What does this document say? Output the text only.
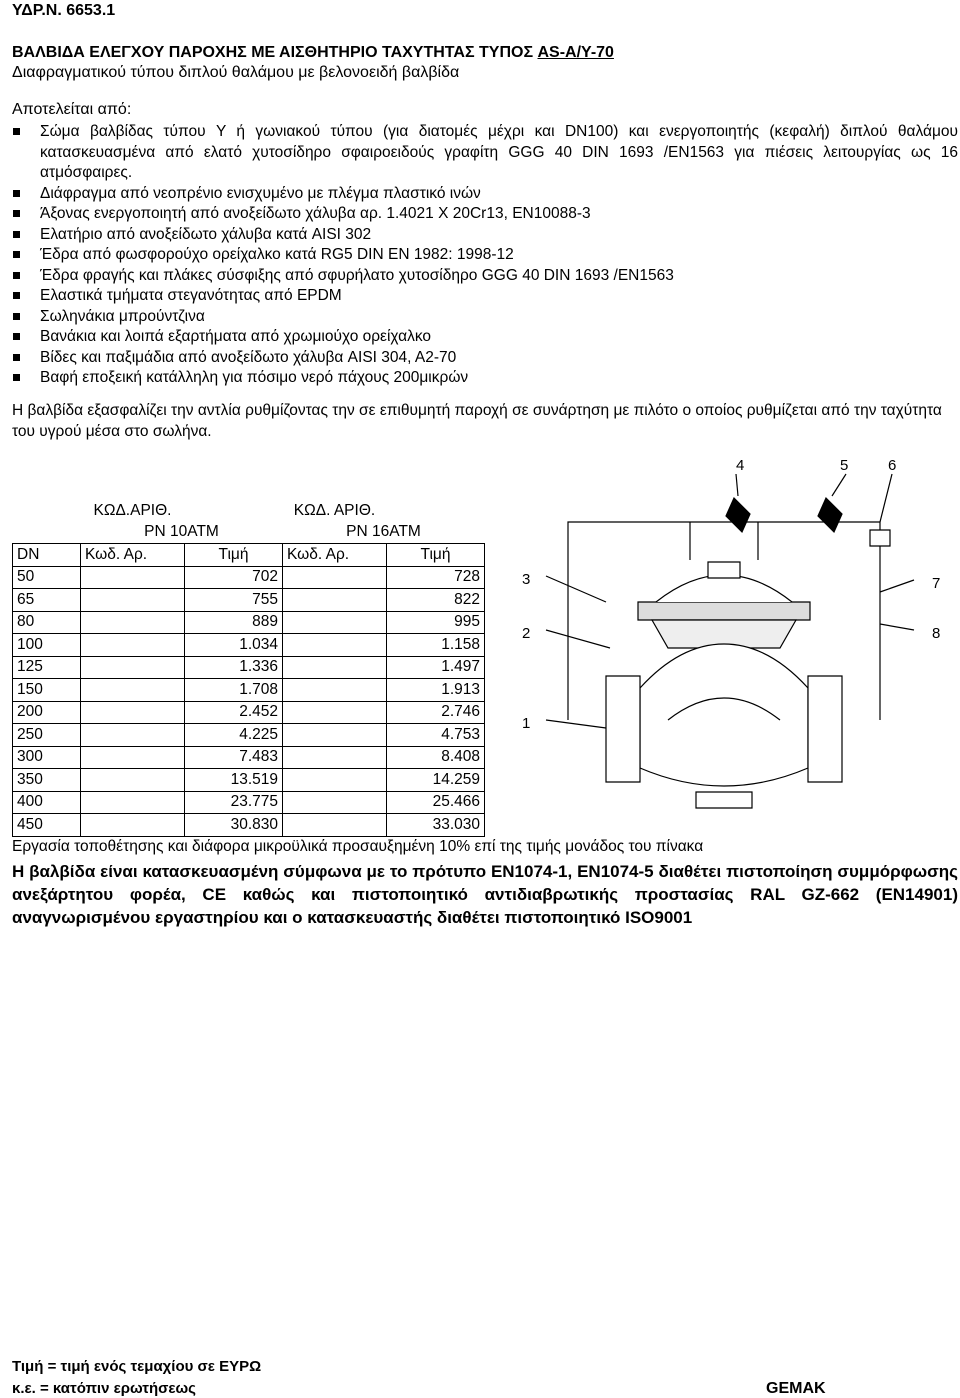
ΥΔΡ.Ν. 6653.1
ΒΑΛΒΙΔΑ ΕΛΕΓΧΟΥ ΠΑΡΟΧΗΣ ΜΕ ΑΙΣΘΗΤΗΡΙΟ ΤΑΧΥΤΗΤΑΣ ΤΥΠΟΣ AS-A/Y-70
Διαφραγματικού τύπου διπλού θαλάμου με βελονοειδή βαλβίδα
Αποτελείται από:
Σώμα βαλβίδας τύπου Y ή γωνιακού τύπου (για διατομές μέχρι και DN100) και ενεργοποιητής (κεφαλή) διπλού θαλάμου κατασκευασμένα από ελατό χυτοσίδηρο σφαιροειδούς γραφίτη GGG 40 DIN 1693 /EN1563 για πιέσεις λειτουργίας ως 16 ατμόσφαιρες.
Διάφραγμα από νεοπρένιο ενισχυμένο με πλέγμα πλαστικό ινών
Άξονας ενεργοποιητή από ανοξείδωτο χάλυβα αρ. 1.4021 X 20Cr13, EN10088-3
Ελατήριο από ανοξείδωτο χάλυβα κατά AISI 302
Έδρα από φωσφορούχο ορείχαλκο κατά RG5 DIN EN 1982: 1998-12
Έδρα φραγής και πλάκες σύσφιξης από σφυρήλατο χυτοσίδηρο GGG 40 DIN 1693 /EN1563
Ελαστικά τμήματα στεγανότητας από EPDM
Σωληνάκια μπρούντζινα
Βανάκια και λοιπά εξαρτήματα από χρωμιούχο ορείχαλκο
Βίδες και παξιμάδια από ανοξείδωτο χάλυβα AISI 304, A2-70
Βαφή εποξεική κατάλληλη για πόσιμο νερό πάχους 200μικρών
Η βαλβίδα εξασφαλίζει την αντλία ρυθμίζοντας την σε επιθυμητή παροχή σε συνάρτηση με πιλότο ο οποίος ρυθμίζεται από την ταχύτητα του υγρού μέσα στο σωλήνα.
	ΚΩΔ.ΑΡΙΘ.		ΚΩΔ. ΑΡΙΘ.	
	PN 10ATM		PN 16ATM	
DN	Κωδ. Αρ.	Τιμή	Κωδ. Αρ.	Τιμή
50		702		728
65		755		822
80		889		995
100		1.034		1.158
125		1.336		1.497
150		1.708		1.913
200		2.452		2.746
250		4.225		4.753
300		7.483		8.408
350		13.519		14.259
400		23.775		25.466
450		30.830		33.030
1
2
3
4	5	6
7
8
Εργασία τοποθέτησης και διάφορα μικροϋλικά προσαυξημένη 10% επί της τιμής μονάδος του πίνακα
Η βαλβίδα είναι κατασκευασμένη σύμφωνα με το πρότυπο EN1074-1, EN1074-5 διαθέτει πιστοποίηση συμμόρφωσης ανεξάρτητου φορέα, CE καθώς και πιστοποιητικό αντιδιαβρωτικής προστασίας RAL GZ-662 (EN14901) αναγνωρισμένου εργαστηρίου και ο κατασκευαστής διαθέτει πιστοποιητικό ISO9001
Τιμή = τιμή ενός τεμαχίου σε ΕΥΡΩ
κ.ε. = κατόπιν ερωτήσεως	GEMAK
